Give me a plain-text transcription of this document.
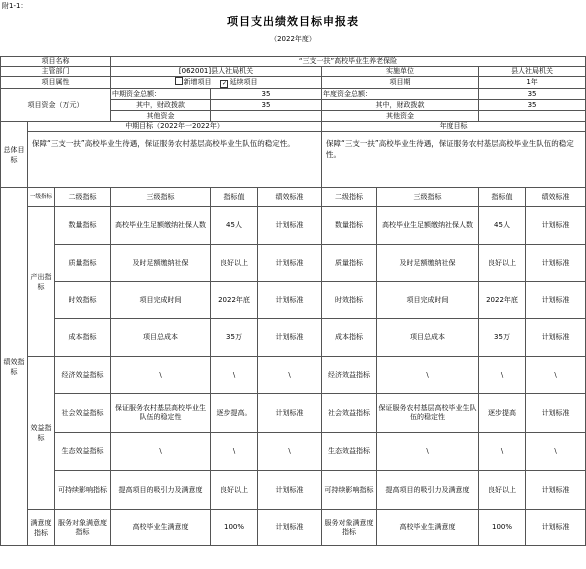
附1-1：
项目支出绩效目标申报表
（2022年度）
项目名称			“三支一扶”高校毕业生养老保险						
主管部门			[062001]县人社局机关			实施单位		县人社局机关	
项目属性			新增项目 ✓ 延续项目			项目期		1年	
项目资金（万元）			中期资金总额：	35		年度资金总额：		35	
			其中，财政拨款	35		其中，财政拨款		35	
			其他资金			其他资金			
总体目标	中期目标（2022年一2022年）					年度目标			
	保障“三支一扶”高校毕业生待遇，保证服务农村基层高校毕业生队伍的稳定性。					保障“三支一扶”高校毕业生待遇，保证服务农村基层高校毕业生队伍的稳定性。			
绩效指标	一级指标	二级指标	三级指标	指标值	绩效标准	二级指标	三级指标	指标值	绩效标准
	产出指标	数量指标	高校毕业生足额缴纳社保人数	45人	计划标准	数量指标	高校毕业生足额缴纳社保人数	45人	计划标准
		质量指标	及时足额缴纳社保	良好以上	计划标准	质量指标	及时足额缴纳社保	良好以上	计划标准
		时效指标	项目完成时间	2022年底	计划标准	时效指标	项目完成时间	2022年底	计划标准
		成本指标	项目总成本	35万	计划标准	成本指标	项目总成本	35万	计划标准
	效益指标	经济效益指标	\	\	\	经济效益指标	\	\	\
		社会效益指标	保证服务农村基层高校毕业生队伍的稳定性	逐步提高。	计划标准	社会效益指标	保证服务农村基层高校毕业生队伍的稳定性	逐步提高	计划标准
		生态效益指标	\	\	\	生态效益指标	\	\	\
		可持续影响指标	提高项目的吸引力及满意度	良好以上	计划标准	可持续影响指标	提高项目的吸引力及满意度	良好以上	计划标准
	满意度指标	服务对象满意度指标	高校毕业生满意度	100%	计划标准	服务对象满意度指标	高校毕业生满意度	100%	计划标准
